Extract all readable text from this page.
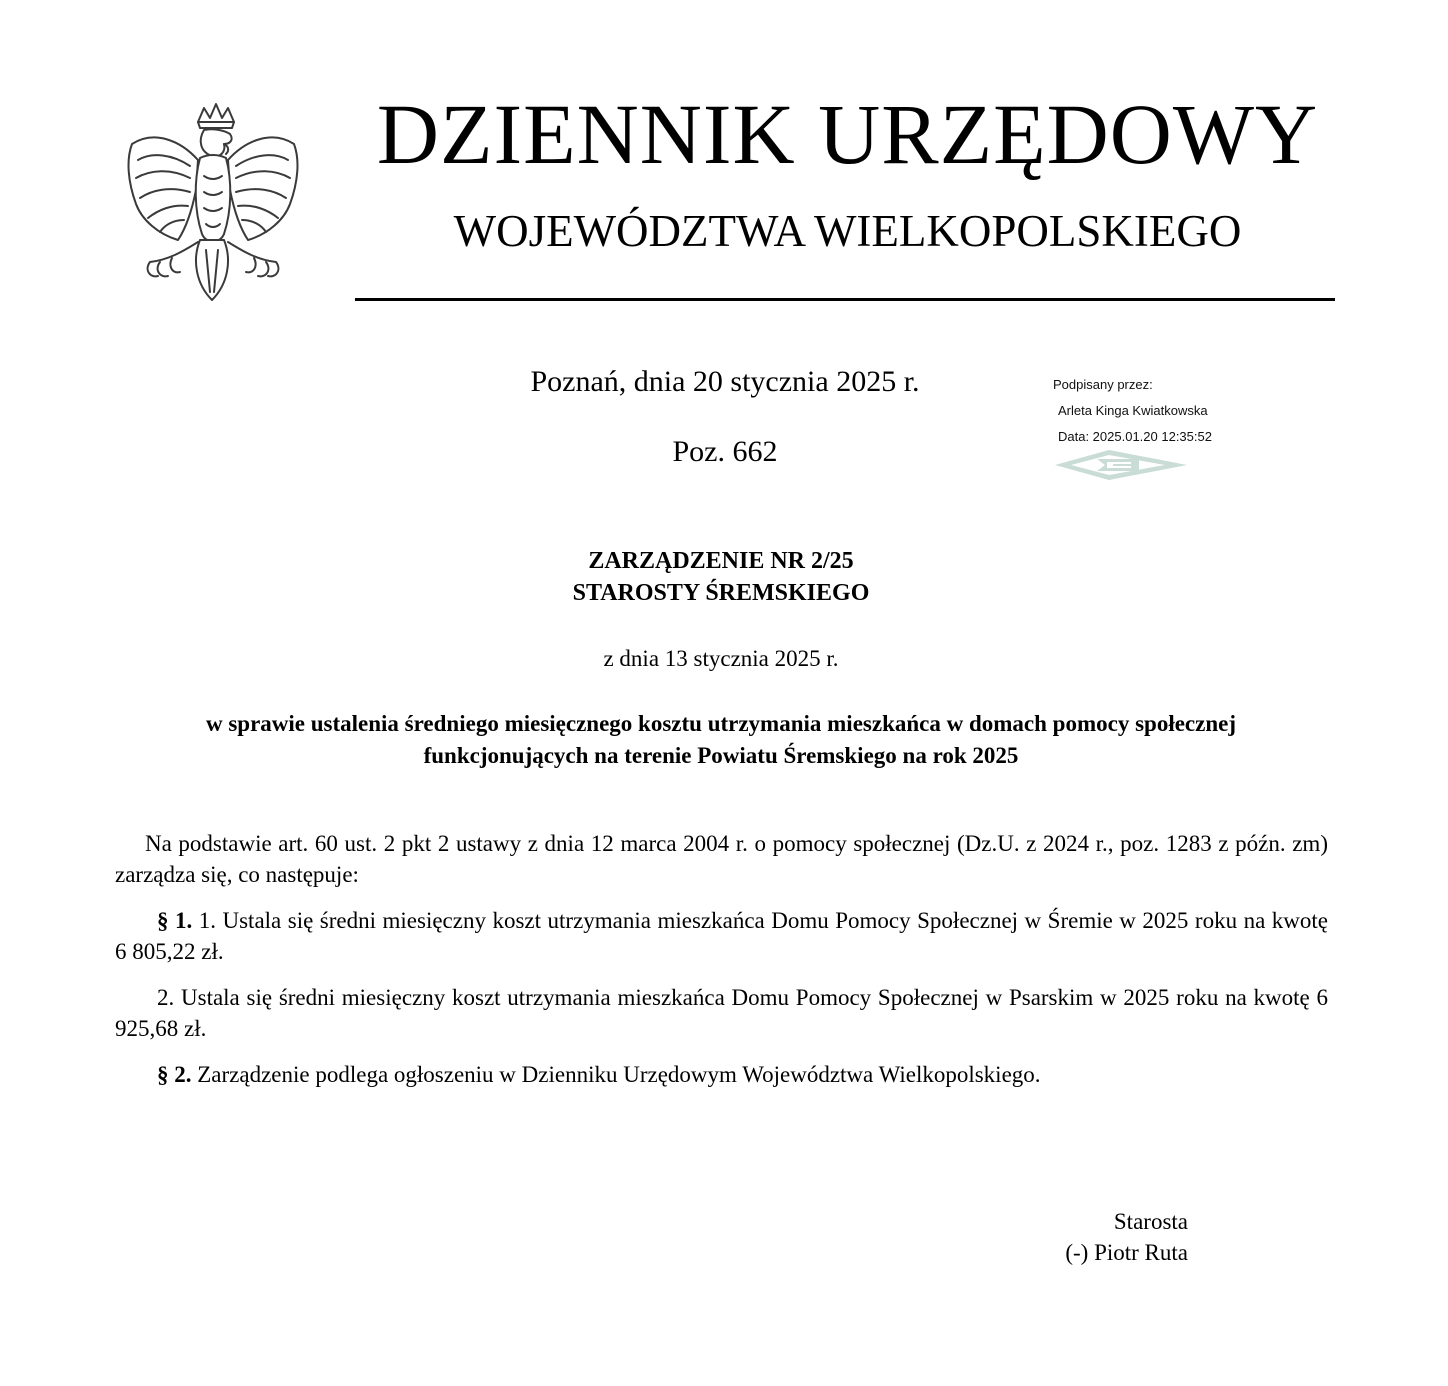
DZIENNIK URZĘDOWY
WOJEWÓDZTWA WIELKOPOLSKIEGO
Poznań, dnia 20 stycznia 2025 r.
Poz. 662
Podpisany przez:
Arleta Kinga Kwiatkowska
Data: 2025.01.20 12:35:52
ZARZĄDZENIE NR 2/25
STAROSTY ŚREMSKIEGO
z dnia 13 stycznia 2025 r.
w sprawie ustalenia średniego miesięcznego kosztu utrzymania mieszkańca w domach pomocy społecznej
funkcjonujących na terenie Powiatu Śremskiego na rok 2025

Na podstawie art. 60 ust. 2 pkt 2 ustawy z dnia 12 marca 2004 r. o pomocy społecznej (Dz.U. z 2024 r., poz. 1283 z późn. zm) zarządza się, co następuje:

§ 1. 1. Ustala się średni miesięczny koszt utrzymania mieszkańca Domu Pomocy Społecznej w Śremie w 2025 roku na kwotę 6 805,22 zł.

2. Ustala się średni miesięczny koszt utrzymania mieszkańca Domu Pomocy Społecznej w Psarskim w 2025 roku na kwotę 6 925,68 zł.

§ 2. Zarządzenie podlega ogłoszeniu w Dzienniku Urzędowym Województwa Wielkopolskiego.

Starosta
(-) Piotr Ruta
